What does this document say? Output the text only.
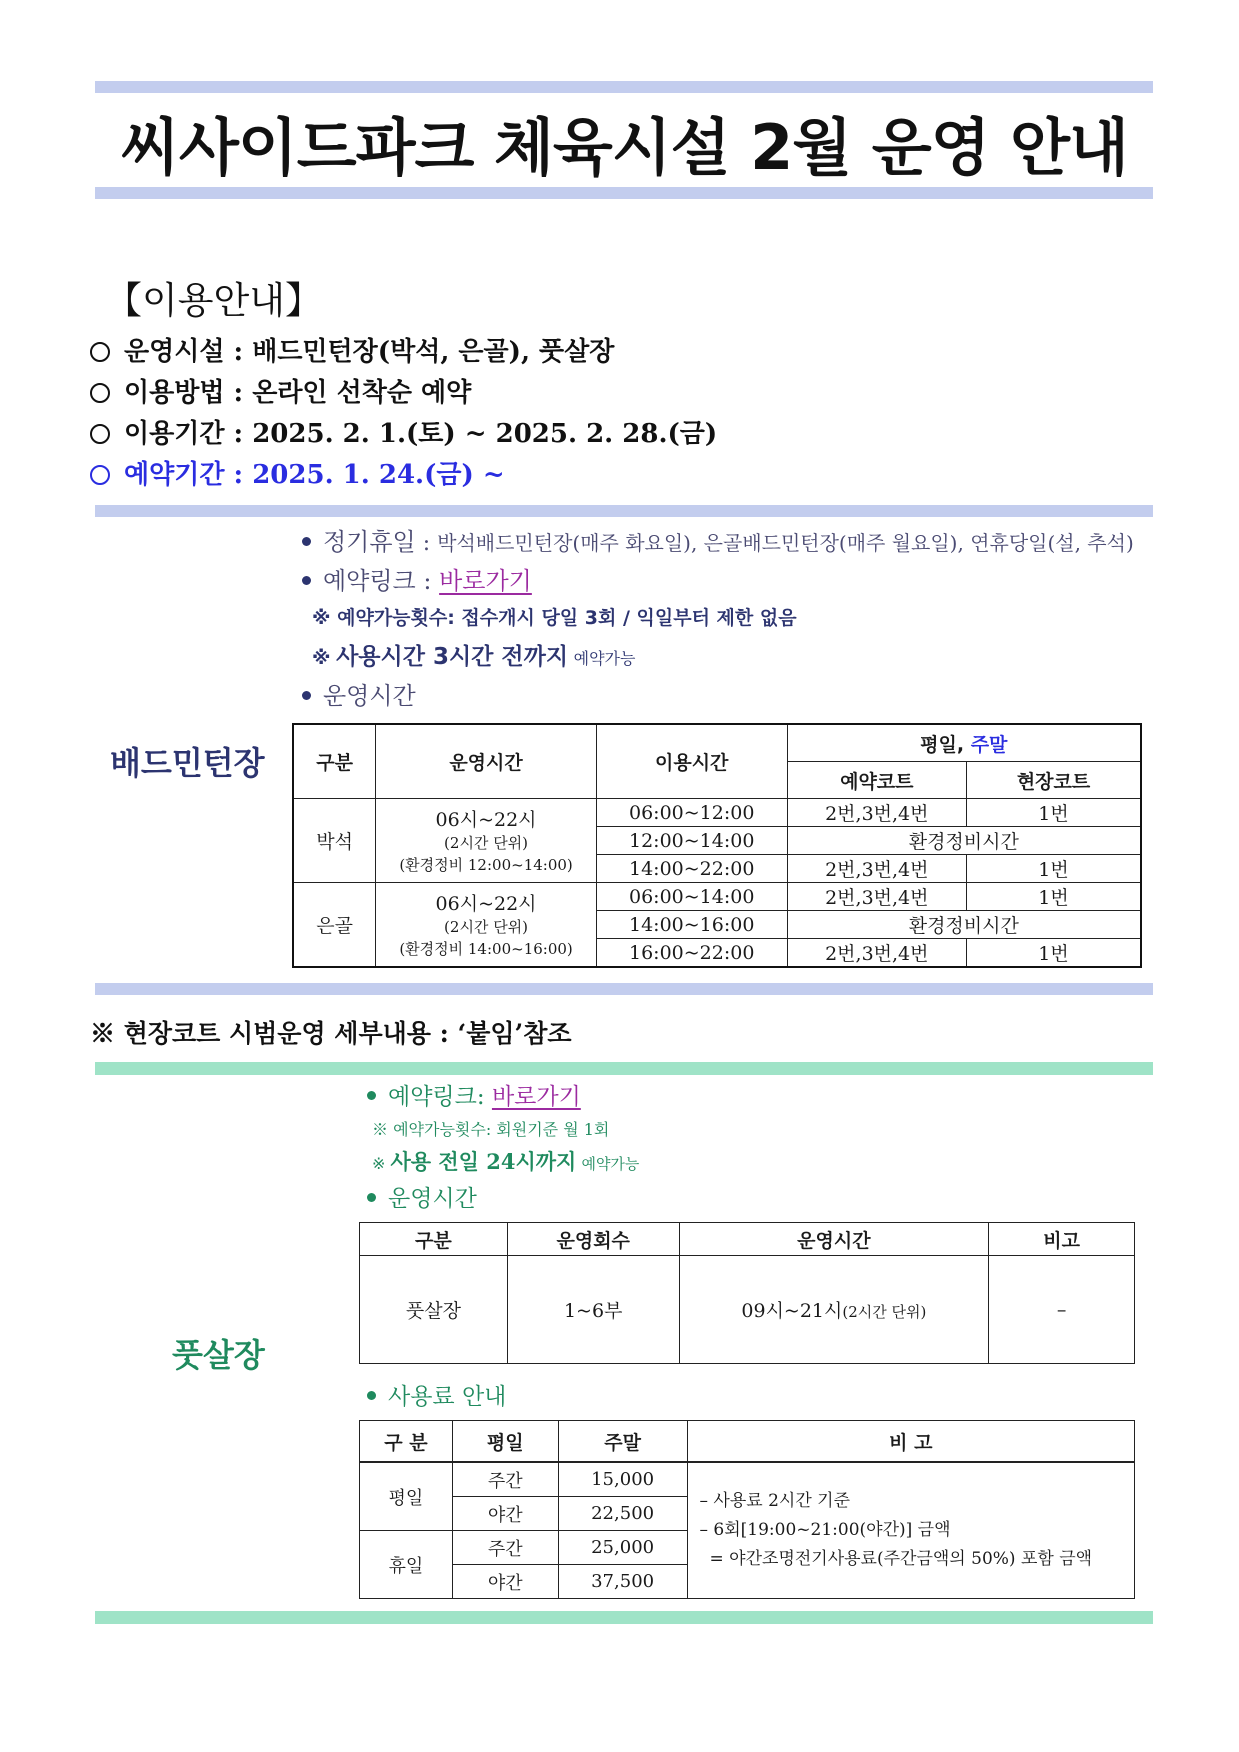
씨사이드파크 체육시설 2월 운영 안내
【이용안내】
운영시설 : 배드민턴장(박석, 은골), 풋살장
이용방법 : 온라인 선착순 예약
이용기간 : 2025. 2. 1.(토) ~ 2025. 2. 28.(금)
예약기간 : 2025. 1. 24.(금) ~
정기휴일 : 박석배드민턴장(매주 화요일), 은골배드민턴장(매주 월요일), 연휴당일(설, 추석)
예약링크 : 바로가기
※ 예약가능횟수: 접수개시 당일 3회 / 익일부터 제한 없음
※ 사용시간 3시간 전까지 예약가능
운영시간
배드민턴장	구분	운영시간	이용시간	평일, 주말	
			예약코트	현장코트
박석	06시~22시
(2시간 단위)
(환경정비 12:00~14:00)	06:00~12:00	2번,3번,4번	1번
		12:00~14:00	환경정비시간	
		14:00~22:00	2번,3번,4번	1번
은골	06시~22시
(2시간 단위)
(환경정비 14:00~16:00)	06:00~14:00	2번,3번,4번	1번
		14:00~16:00	환경정비시간	
		16:00~22:00	2번,3번,4번	1번
※ 현장코트 시범운영 세부내용 : ‘붙임’참조
예약링크: 바로가기
※ 예약가능횟수: 회원기준 월 1회
※ 사용 전일 24시까지 예약가능
운영시간
구분	운영회수	운영시간	비고
풋살장	1~6부	09시~21시(2시간 단위)	–
풋살장
사용료 안내
구 분	평일	주말	비 고
평일	주간	15,000	– 사용료 2시간 기준
– 6회[19:00~21:00(야간)] 금액
= 야간조명전기사용료(주간금액의 50%) 포함 금액

	야간	22,500	
휴일	주간	25,000	
	야간	37,500	
